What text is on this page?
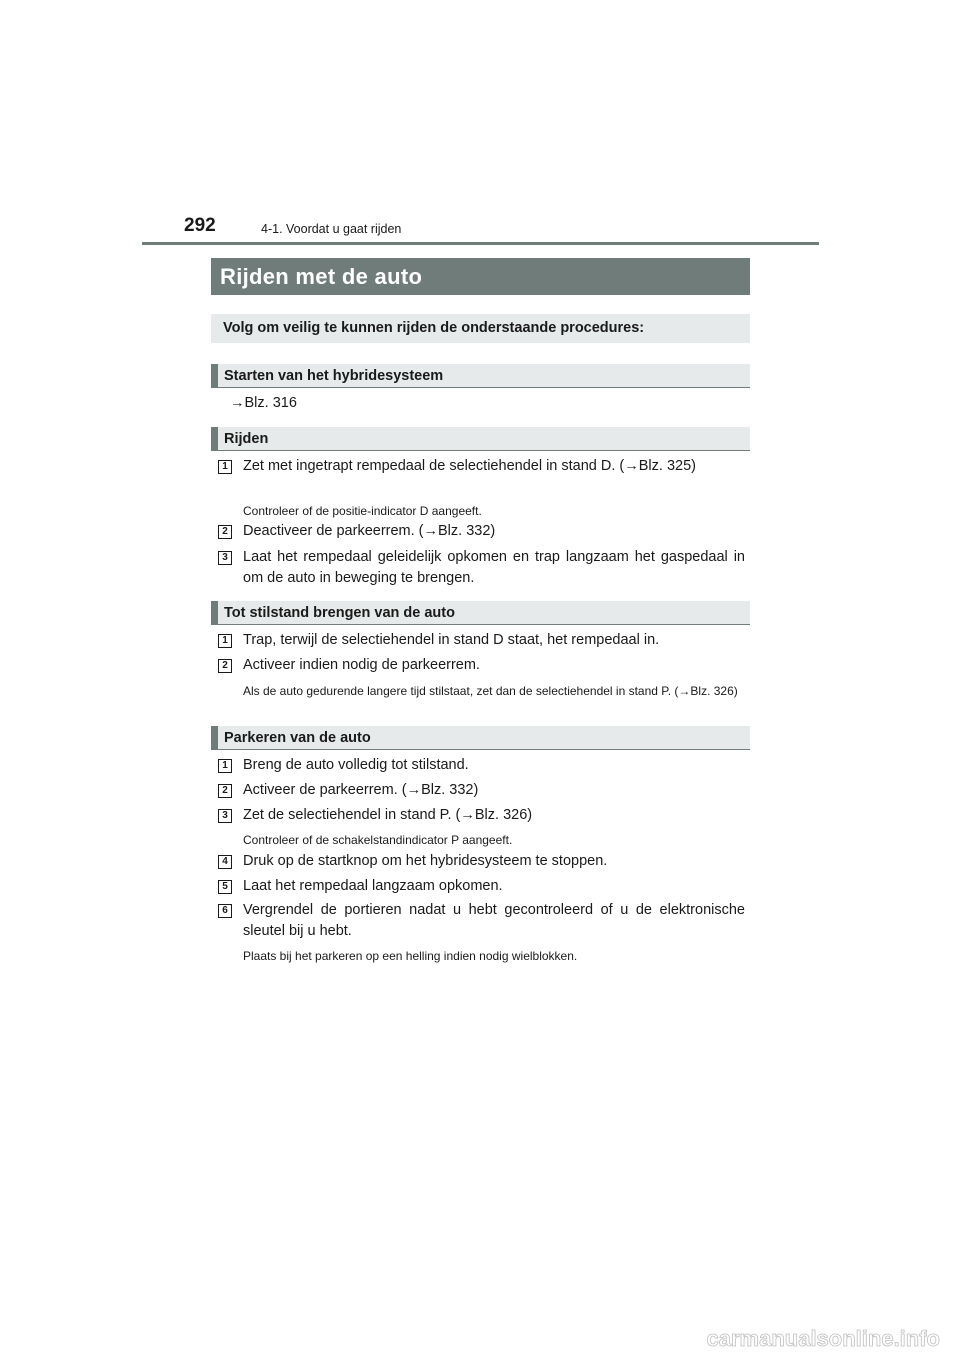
292	4-1. Voordat u gaat rijden
Rijden met de auto
Volg om veilig te kunnen rijden de onderstaande procedures:
Starten van het hybridesysteem
→Blz. 316
Rijden
1 Zet met ingetrapt rempedaal de selectiehendel in stand D. (→Blz. 325)
Controleer of de positie-indicator D aangeeft.
2 Deactiveer de parkeerrem. (→Blz. 332)
3 Laat het rempedaal geleidelijk opkomen en trap langzaam het gaspedaal in om de auto in beweging te brengen.
Tot stilstand brengen van de auto
1 Trap, terwijl de selectiehendel in stand D staat, het rempedaal in.
2 Activeer indien nodig de parkeerrem.
Als de auto gedurende langere tijd stilstaat, zet dan de selectiehendel in stand P. (→Blz. 326)
Parkeren van de auto
1 Breng de auto volledig tot stilstand.
2 Activeer de parkeerrem. (→Blz. 332)
3 Zet de selectiehendel in stand P. (→Blz. 326)
Controleer of de schakelstandindicator P aangeeft.
4 Druk op de startknop om het hybridesysteem te stoppen.
5 Laat het rempedaal langzaam opkomen.
6 Vergrendel de portieren nadat u hebt gecontroleerd of u de elektronische sleutel bij u hebt.
Plaats bij het parkeren op een helling indien nodig wielblokken.
carmanualsonline.info
